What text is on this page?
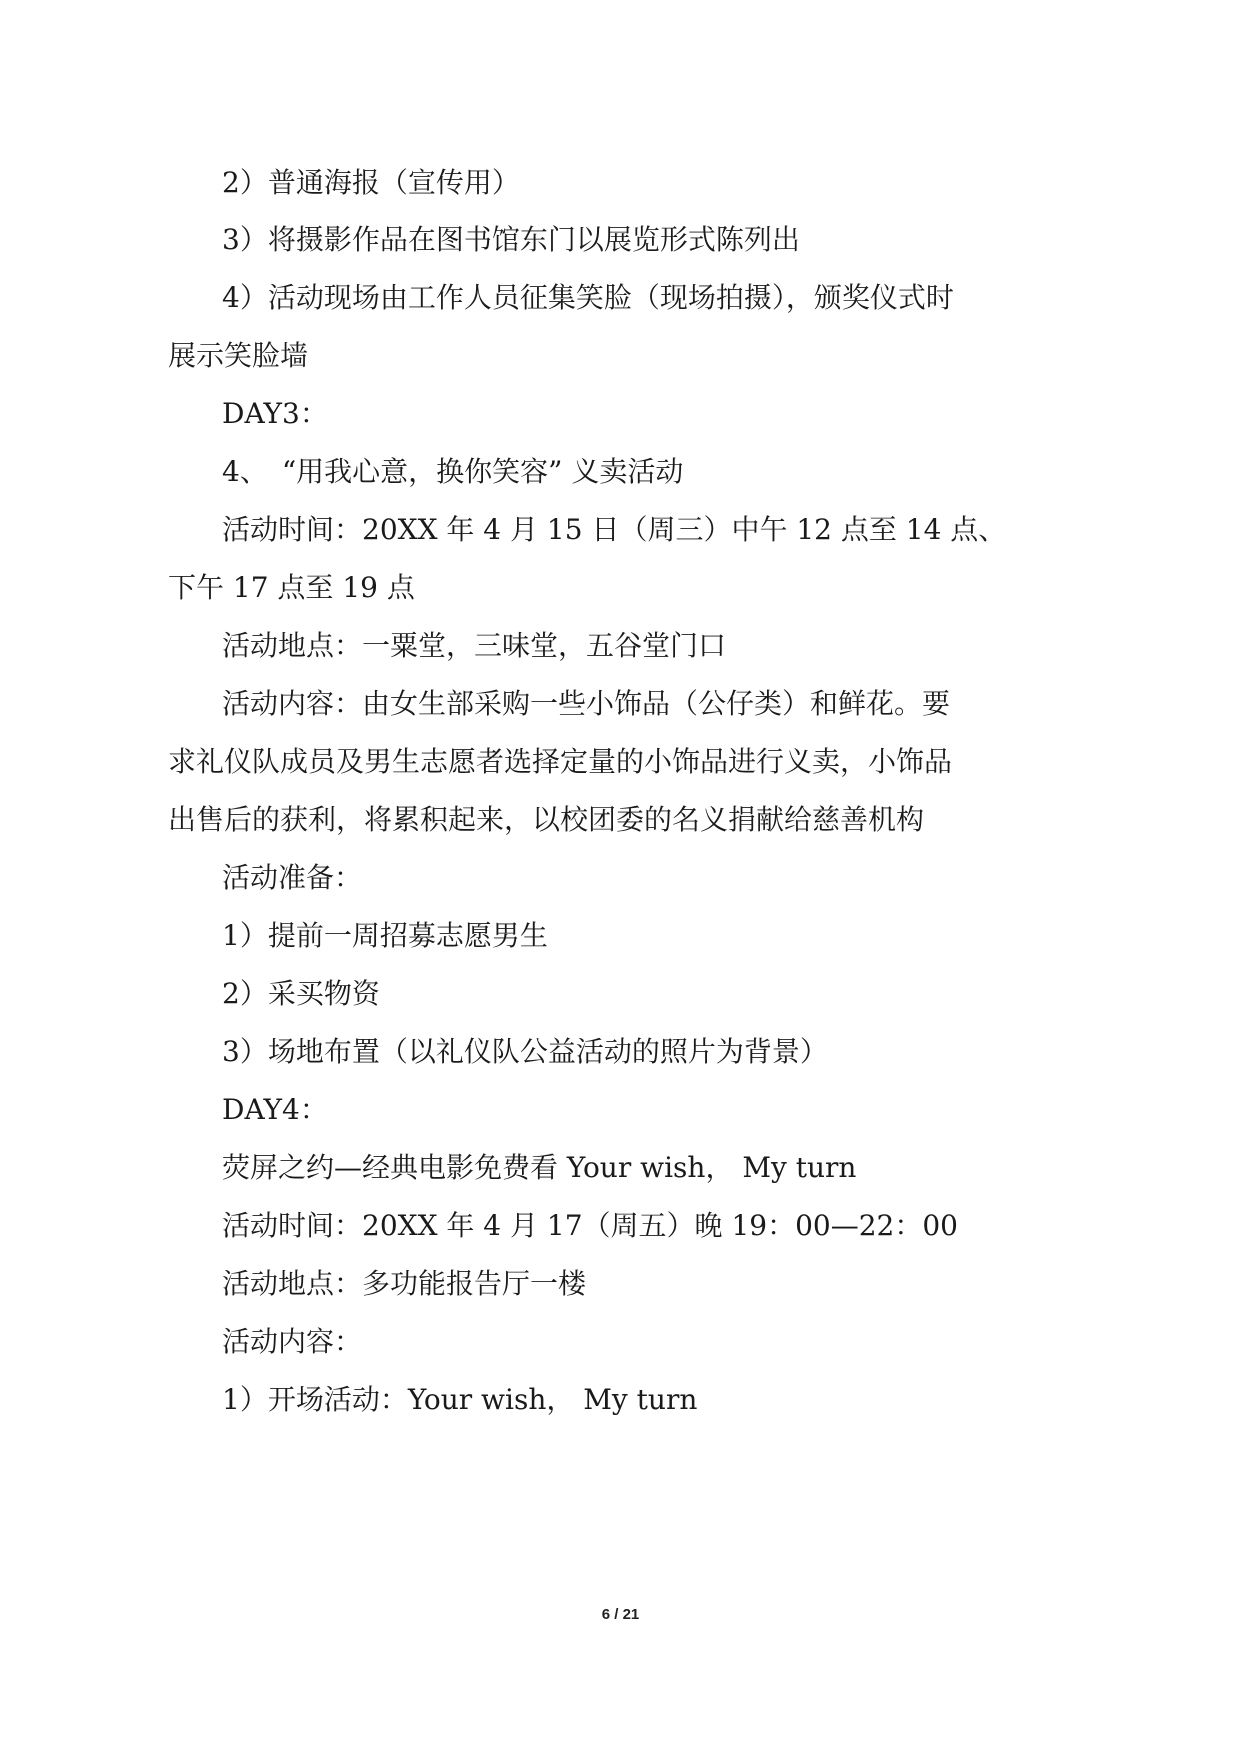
2）普通海报（宣传用）
3）将摄影作品在图书馆东门以展览形式陈列出
4）活动现场由工作人员征集笑脸（现场拍摄），颁奖仪式时
展示笑脸墙
DAY3：
4、　“用我心意，换你笑容” 义卖活动
活动时间：20XX 年 4 月 15 日（周三）中午 12 点至 14 点、
下午 17 点至 19 点
活动地点：一粟堂，三味堂，五谷堂门口
活动内容：由女生部采购一些小饰品（公仔类）和鲜花。要
求礼仪队成员及男生志愿者选择定量的小饰品进行义卖，小饰品
出售后的获利，将累积起来，以校团委的名义捐献给慈善机构
活动准备：
1）提前一周招募志愿男生
2）采买物资
3）场地布置（以礼仪队公益活动的照片为背景）
DAY4：
荧屏之约—经典电影免费看 Your wish， My turn
活动时间：20XX 年 4 月 17（周五）晚 19：00—22：00
活动地点：多功能报告厅一楼
活动内容：
1）开场活动：Your wish， My turn
6 / 21
